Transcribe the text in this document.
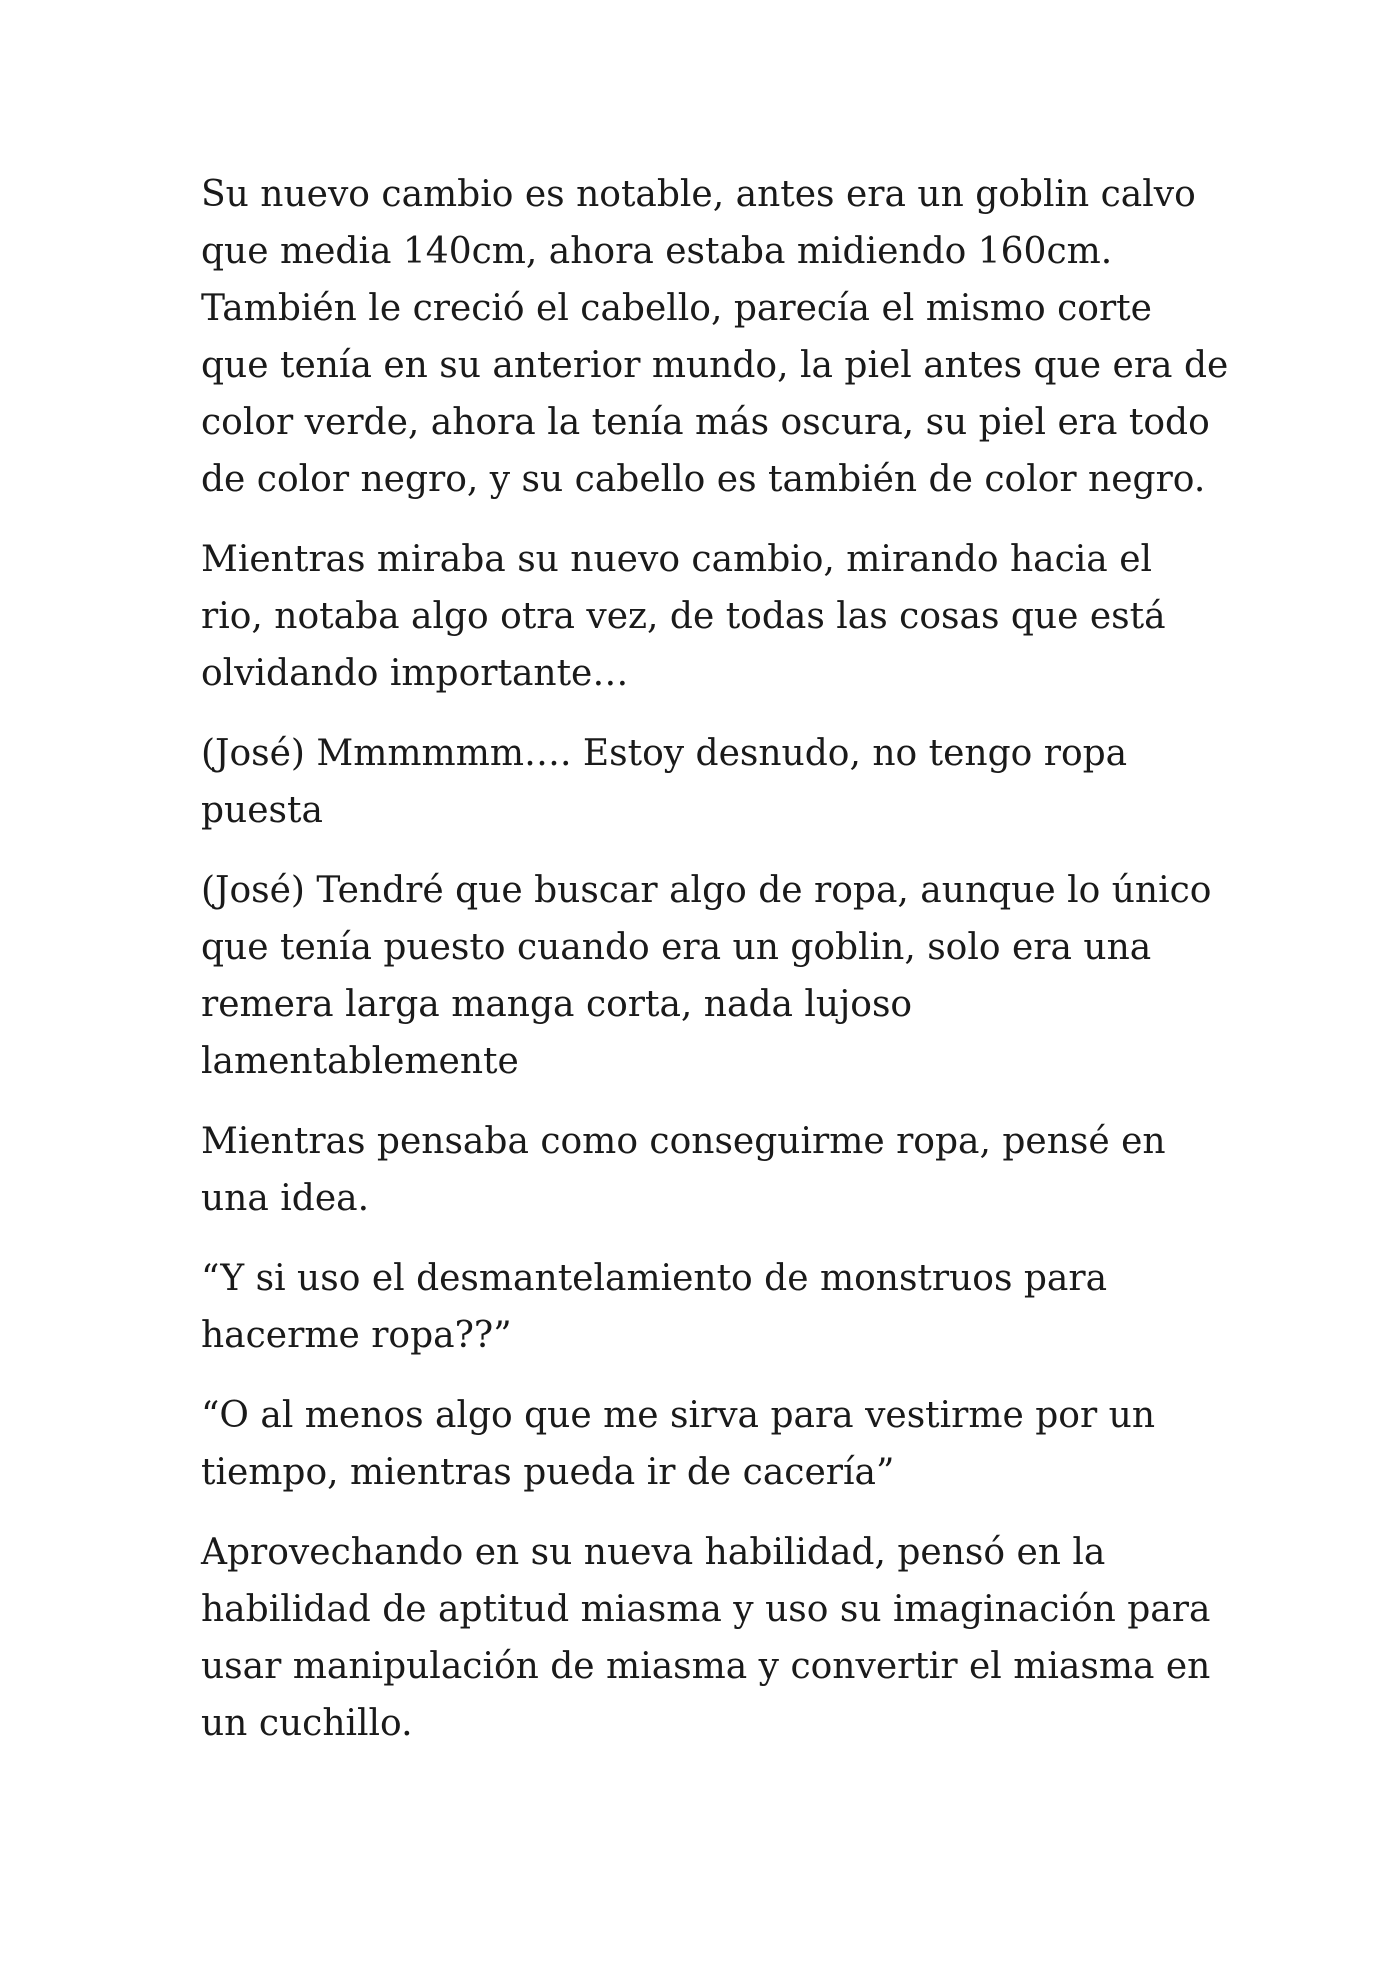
Su nuevo cambio es notable, antes era un goblin calvo
que media 140cm, ahora estaba midiendo 160cm.
También le creció el cabello, parecía el mismo corte
que tenía en su anterior mundo, la piel antes que era de
color verde, ahora la tenía más oscura, su piel era todo
de color negro, y su cabello es también de color negro.

Mientras miraba su nuevo cambio, mirando hacia el
rio, notaba algo otra vez, de todas las cosas que está
olvidando importante…

(José) Mmmmmm…. Estoy desnudo, no tengo ropa
puesta

(José) Tendré que buscar algo de ropa, aunque lo único
que tenía puesto cuando era un goblin, solo era una
remera larga manga corta, nada lujoso
lamentablemente

Mientras pensaba como conseguirme ropa, pensé en
una idea.

“Y si uso el desmantelamiento de monstruos para
hacerme ropa??”

“O al menos algo que me sirva para vestirme por un
tiempo, mientras pueda ir de cacería”

Aprovechando en su nueva habilidad, pensó en la
habilidad de aptitud miasma y uso su imaginación para
usar manipulación de miasma y convertir el miasma en
un cuchillo.
